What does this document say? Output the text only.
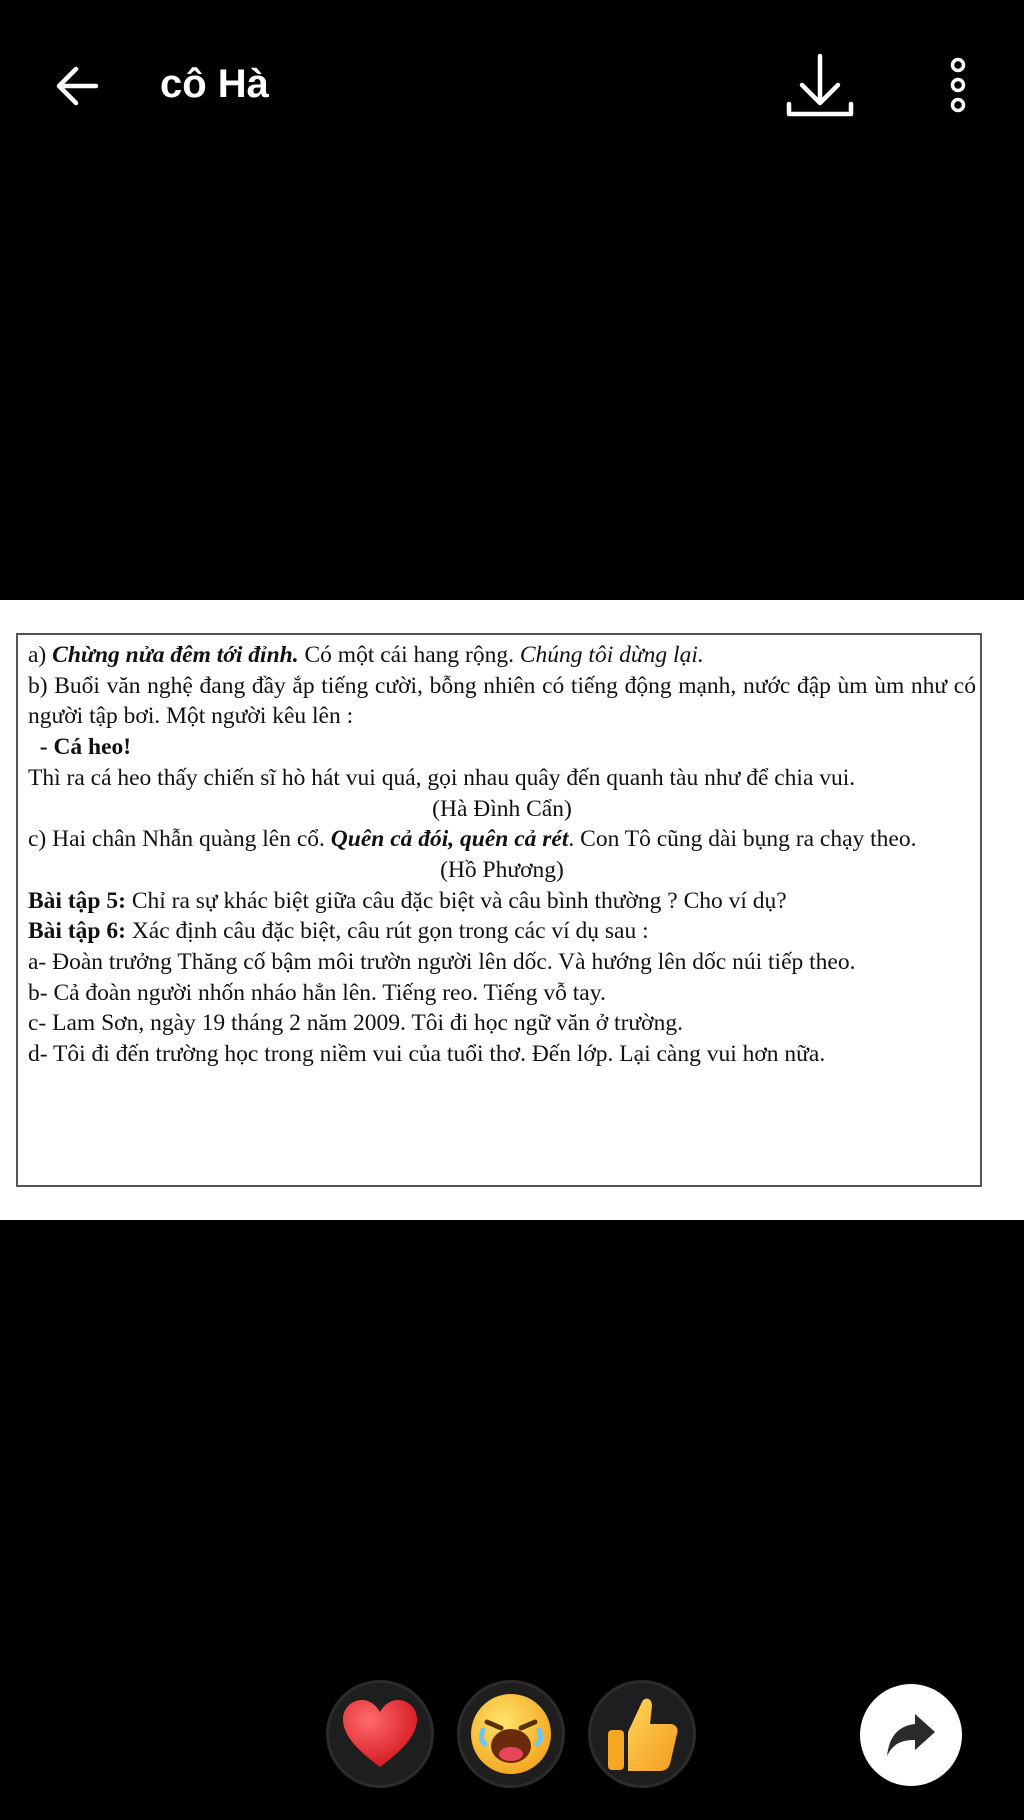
cô Hà

a) Chừng nửa đêm tới đỉnh. Có một cái hang rộng. Chúng tôi dừng lại.

b) Buổi văn nghệ đang đầy ắp tiếng cười, bỗng nhiên có tiếng động mạnh, nước đập ùm ùm như có người tập bơi. Một người kêu lên :

- Cá heo!

Thì ra cá heo thấy chiến sĩ hò hát vui quá, gọi nhau quây đến quanh tàu như để chia vui.

(Hà Đình Cẩn)

c) Hai chân Nhẫn quàng lên cổ. Quên cả đói, quên cả rét. Con Tô cũng dài bụng ra chạy theo.

(Hồ Phương)

Bài tập 5: Chỉ ra sự khác biệt giữa câu đặc biệt và câu bình thường ? Cho ví dụ?

Bài tập 6: Xác định câu đặc biệt, câu rút gọn trong các ví dụ sau :

a- Đoàn trưởng Thăng cố bậm môi trườn người lên dốc. Và hướng lên dốc núi tiếp theo.

b- Cả đoàn người nhốn nháo hẳn lên. Tiếng reo. Tiếng vỗ tay.

c- Lam Sơn, ngày 19 tháng 2 năm 2009. Tôi đi học ngữ văn ở trường.

d- Tôi đi đến trường học trong niềm vui của tuổi thơ. Đến lớp. Lại càng vui hơn nữa.
